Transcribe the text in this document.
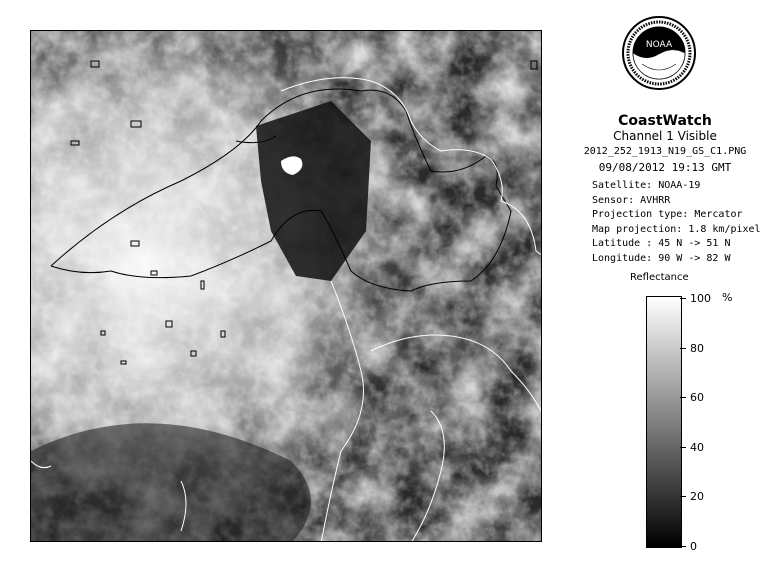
NOAA
CoastWatch
Channel 1 Visible
2012_252_1913_N19_GS_C1.PNG
09/08/2012 19:13 GMT
Satellite: NOAA-19
Sensor: AVHRR
Projection type: Mercator
Map projection: 1.8 km/pixel
Latitude : 45 N -> 51 N
Longitude: 90 W -> 82 W
Reflectance
%
100
80
60
40
20
0
